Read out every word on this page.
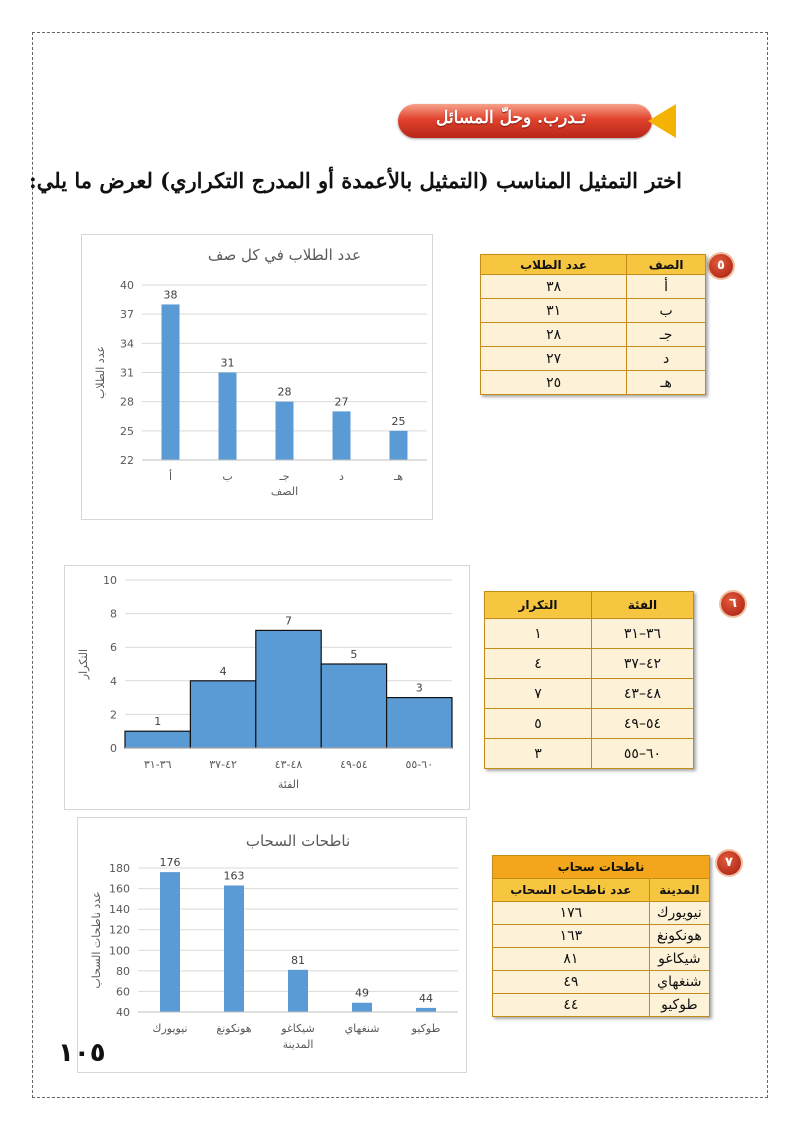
تـدرب. وحلّ المسائل
اختر التمثيل المناسب (التمثيل بالأعمدة أو المدرج التكراري) لعرض ما يلي:
٥
الصف	عدد الطلاب
أ	٣٨
ب	٣١
جـ	٢٨
د	٢٧
هـ	٢٥
٦
الفئة	التكرار
٣٦–٣١	١
٤٢–٣٧	٤
٤٨–٤٣	٧
٥٤–٤٩	٥
٦٠–٥٥	٣
٧
ناطحات سحاب	
المدينة	عدد ناطحات السحاب
نيويورك	١٧٦
هونكونغ	١٦٣
شيكاغو	٨١
شنغهاي	٤٩
طوكيو	٤٤
22
25
28
31
34
37
40
38
أ
31
ب
28
جـ
27
د
25
هـ
عدد الطلاب في كل صف
الصف
عدد الطلاب
0
2
4
6
8
10
1
٣٦-٣١
4
٤٢-٣٧
7
٤٨-٤٣
5
٥٤-٤٩
3
٦٠-٥٥
الفئة
التكرار
40
60
80
100
120
140
160
180	176
نيويورك
163
هونكونغ
81
شيكاغو
49
شنغهاي
44
طوكيو
ناطحات السحاب
المدينة
عدد ناطحات السحاب
١٠٥
